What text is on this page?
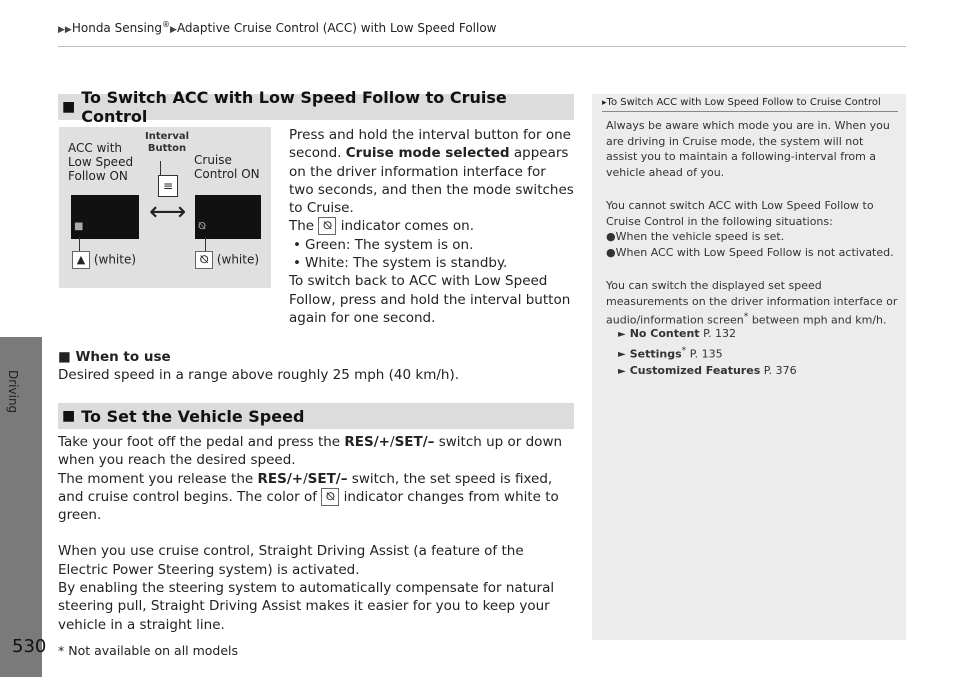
▶▶Honda Sensing®▶Adaptive Cruise Control (ACC) with Low Speed Follow
Driving
530
■ To Switch ACC with Low Speed Follow to Cruise Control
ACC with
Low Speed
Follow ON
Interval
Button
Cruise
Control ON
≡
⟷
■	⦰
▲ (white)	⦰ (white)
Press and hold the interval button for one second. Cruise mode selected appears on the driver information interface for two seconds, and then the mode switches to Cruise.
The ⦰ indicator comes on.
• Green: The system is on.
• White: The system is standby.
To switch back to ACC with Low Speed Follow, press and hold the interval button again for one second.
■ When to use
Desired speed in a range above roughly 25 mph (40 km/h).
■ To Set the Vehicle Speed
Take your foot off the pedal and press the RES/+/SET/– switch up or down when you reach the desired speed.
The moment you release the RES/+/SET/– switch, the set speed is fixed, and cruise control begins. The color of ⦰ indicator changes from white to green.
When you use cruise control, Straight Driving Assist (a feature of the Electric Power Steering system) is activated.
By enabling the steering system to automatically compensate for natural steering pull, Straight Driving Assist makes it easier for you to keep your vehicle in a straight line.
▸To Switch ACC with Low Speed Follow to Cruise Control
Always be aware which mode you are in. When you are driving in Cruise mode, the system will not assist you to maintain a following-interval from a vehicle ahead of you.
You cannot switch ACC with Low Speed Follow to Cruise Control in the following situations:
●When the vehicle speed is set.
●When ACC with Low Speed Follow is not activated.
You can switch the displayed set speed measurements on the driver information interface or audio/information screen* between mph and km/h.
► No Content P. 132
► Settings* P. 135
► Customized Features P. 376
* Not available on all models
